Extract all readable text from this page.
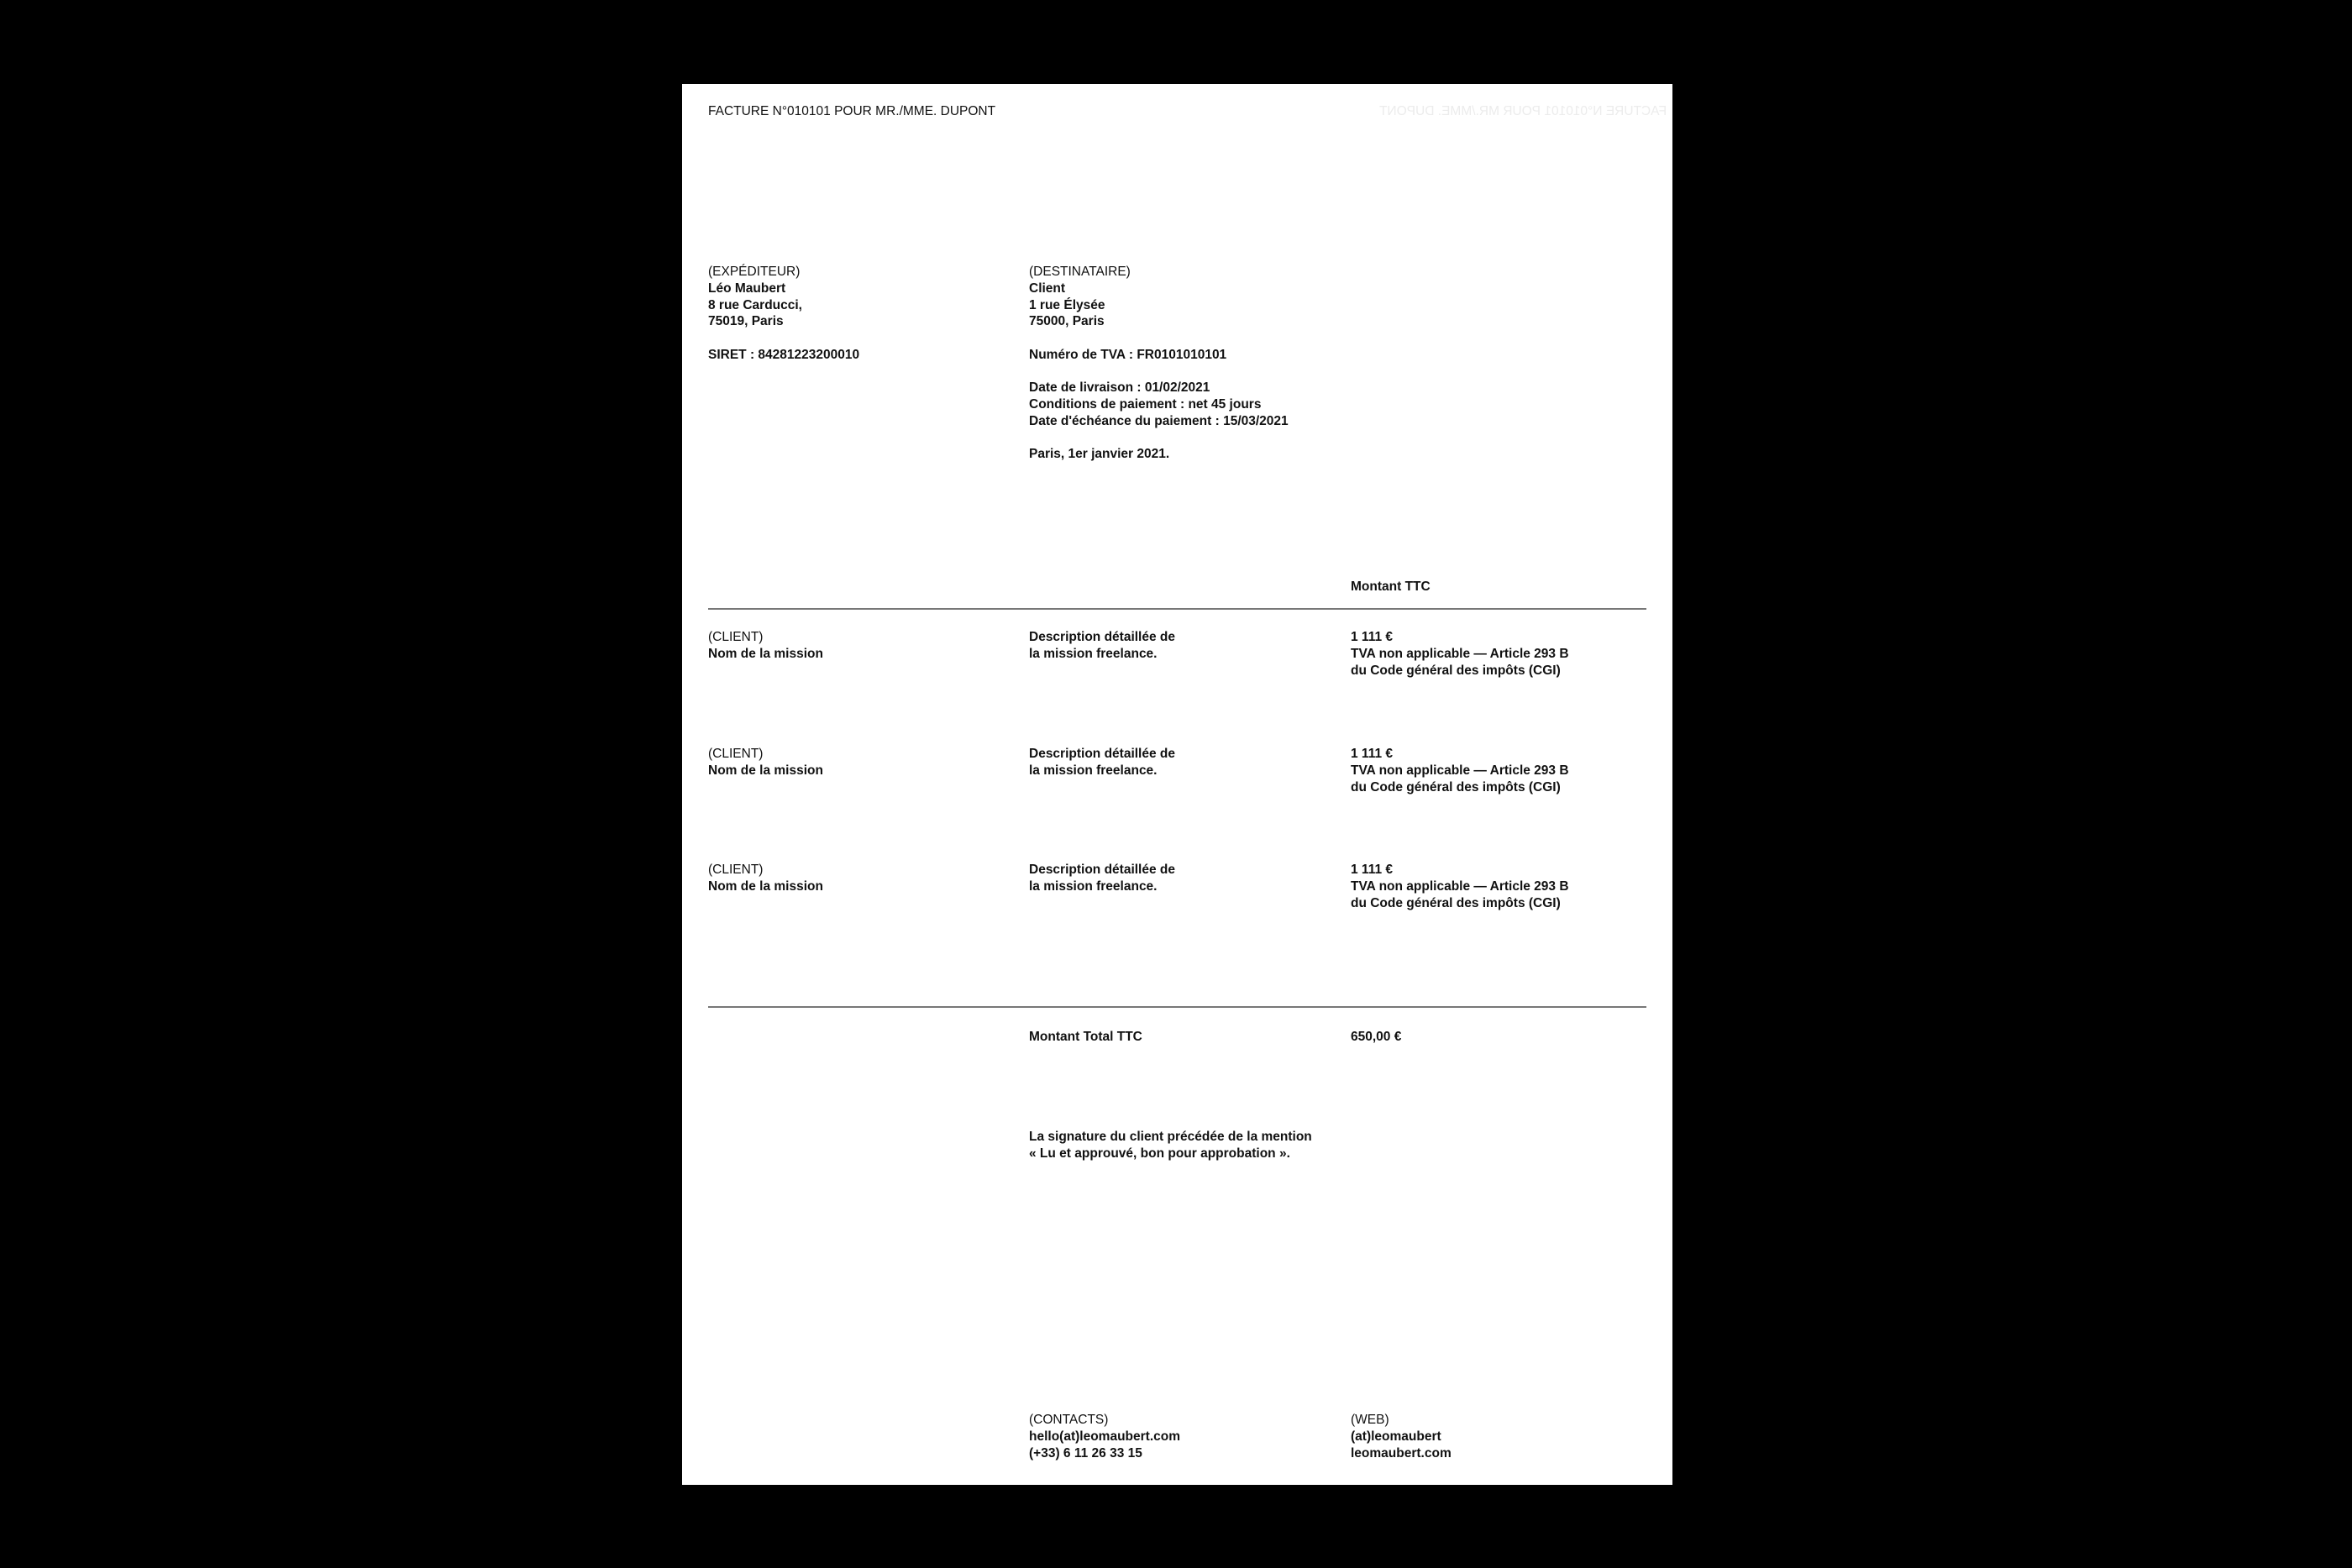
FACTURE N°010101 POUR MR./MME. DUPONT	FACTURE N°010101 POUR MR./MME. DUPONT
(EXPÉDITEUR)
Léo Maubert
8 rue Carducci,
75019, Paris
SIRET : 84281223200010
(DESTINATAIRE)
Client
1 rue Élysée
75000, Paris
Numéro de TVA : FR0101010101
Date de livraison : 01/02/2021
Conditions de paiement : net 45 jours
Date d'échéance du paiement : 15/03/2021
Paris, 1er janvier 2021.
Montant TTC
(CLIENT)
Nom de la mission
Description détaillée de
la mission freelance.
1 111 €
TVA non applicable — Article 293 B
du Code général des impôts (CGI)
(CLIENT)
Nom de la mission
Description détaillée de
la mission freelance.
1 111 €
TVA non applicable — Article 293 B
du Code général des impôts (CGI)
(CLIENT)
Nom de la mission
Description détaillée de
la mission freelance.
1 111 €
TVA non applicable — Article 293 B
du Code général des impôts (CGI)
Montant Total TTC	650,00 €
La signature du client précédée de la mention
« Lu et approuvé, bon pour approbation ».
(CONTACTS)
hello(at)leomaubert.com
(+33) 6 11 26 33 15
(WEB)
(at)leomaubert
leomaubert.com
